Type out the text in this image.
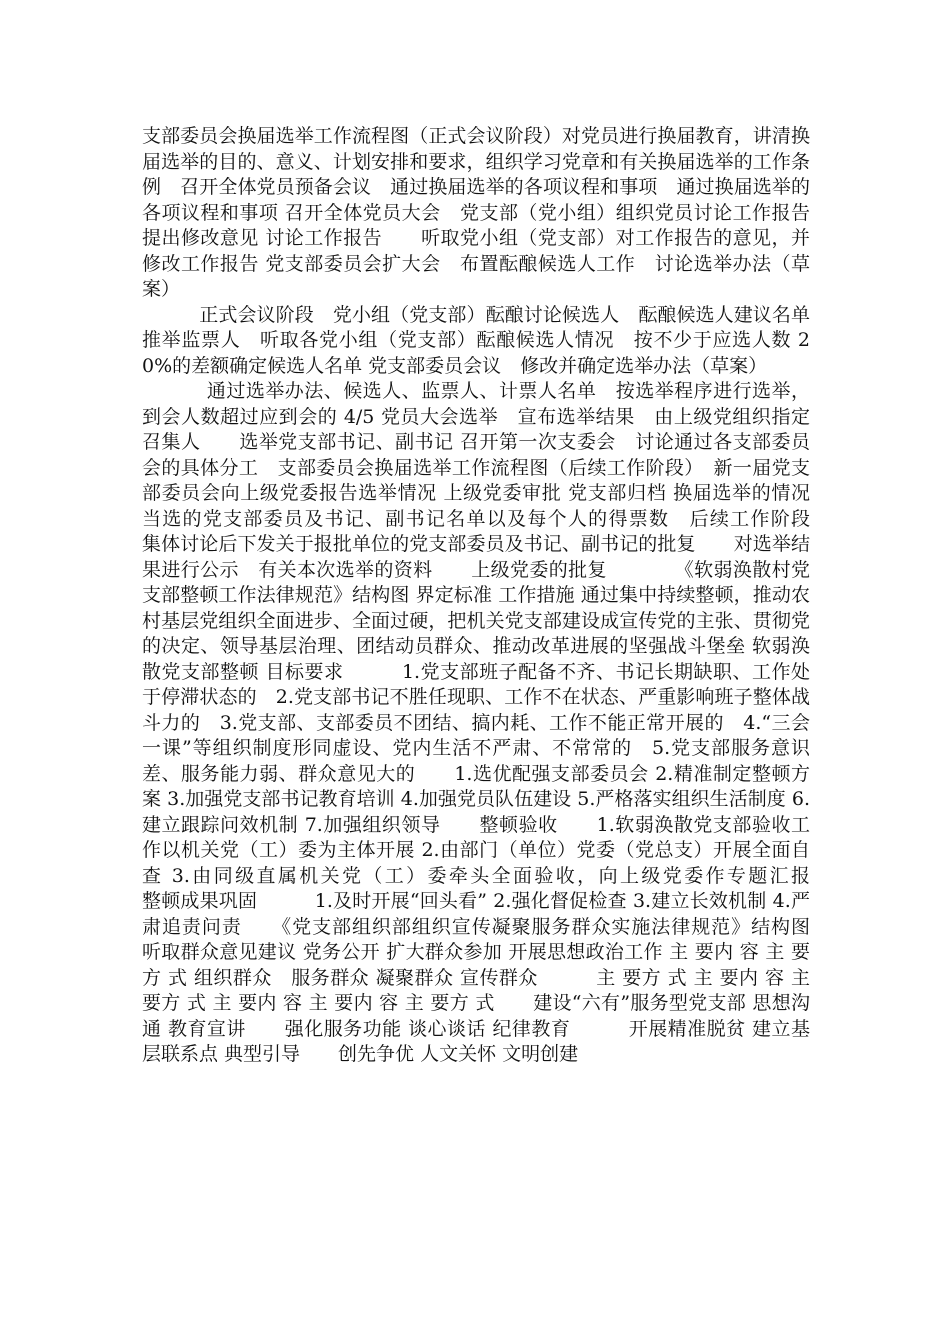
支部委员会换届选举工作流程图（正式会议阶段）对党员进行换届教育，讲清换届选举的目的、意义、计划安排和要求，组织学习党章和有关换届选举的工作条例　召开全体党员预备会议　通过换届选举的各项议程和事项　通过换届选举的各项议程和事项 召开全体党员大会　党支部（党小组）组织党员讨论工作报告 提出修改意见 讨论工作报告　　听取党小组（党支部）对工作报告的意见，并修改工作报告 党支部委员会扩大会　布置酝酿候选人工作　讨论选举办法（草案）

　　　正式会议阶段　党小组（党支部）酝酿讨论候选人　酝酿候选人建议名单　推举监票人　听取各党小组（党支部）酝酿候选人情况　按不少于应选人数 20%的差额确定候选人名单 党支部委员会议　修改并确定选举办法（草案）

　　　 通过选举办法、候选人、监票人、计票人名单　按选举程序进行选举，到会人数超过应到会的 4/5 党员大会选举　宣布选举结果　由上级党组织指定召集人　　选举党支部书记、副书记 召开第一次支委会　讨论通过各支部委员会的具体分工　支部委员会换届选举工作流程图（后续工作阶段）　新一届党支部委员会向上级党委报告选举情况 上级党委审批 党支部归档 换届选举的情况　当选的党支部委员及书记、副书记名单以及每个人的得票数　后续工作阶段　　集体讨论后下发关于报批单位的党支部委员及书记、副书记的批复　　对选举结果进行公示　有关本次选举的资料　　上级党委的批复　　　　《软弱涣散村党支部整顿工作法律规范》结构图 界定标准 工作措施 通过集中持续整顿，推动农村基层党组织全面进步、全面过硬，把机关党支部建设成宣传党的主张、贯彻党的决定、领导基层治理、团结动员群众、推动改革进展的坚强战斗堡垒 软弱涣散党支部整顿 目标要求　　　1.党支部班子配备不齐、书记长期缺职、工作处于停滞状态的　2.党支部书记不胜任现职、工作不在状态、严重影响班子整体战斗力的　3.党支部、支部委员不团结、搞内耗、工作不能正常开展的　4.“三会一课”等组织制度形同虚设、党内生活不严肃、不常常的　5.党支部服务意识差、服务能力弱、群众意见大的　　1.选优配强支部委员会 2.精准制定整顿方案 3.加强党支部书记教育培训 4.加强党员队伍建设 5.严格落实组织生活制度 6.建立跟踪问效机制 7.加强组织领导　　整顿验收　　1.软弱涣散党支部验收工作以机关党（工）委为主体开展 2.由部门（单位）党委（党总支）开展全面自查 3.由同级直属机关党（工）委牵头全面验收，向上级党委作专题汇报　　　整顿成果巩固　　　1.及时开展“回头看” 2.强化督促检查 3.建立长效机制 4.严肃追责问责　　《党支部组织部组织宣传凝聚服务群众实施法律规范》结构图　听取群众意见建议 党务公开 扩大群众参加 开展思想政治工作 主 要内 容 主 要方 式 组织群众　服务群众 凝聚群众 宣传群众　　　主 要方 式 主 要内 容 主 要方 式 主 要内 容 主 要内 容 主 要方 式　　建设“六有”服务型党支部 思想沟通 教育宣讲　　强化服务功能 谈心谈话 纪律教育　　　开展精准脱贫 建立基层联系点 典型引导　　创先争优 人文关怀 文明创建
